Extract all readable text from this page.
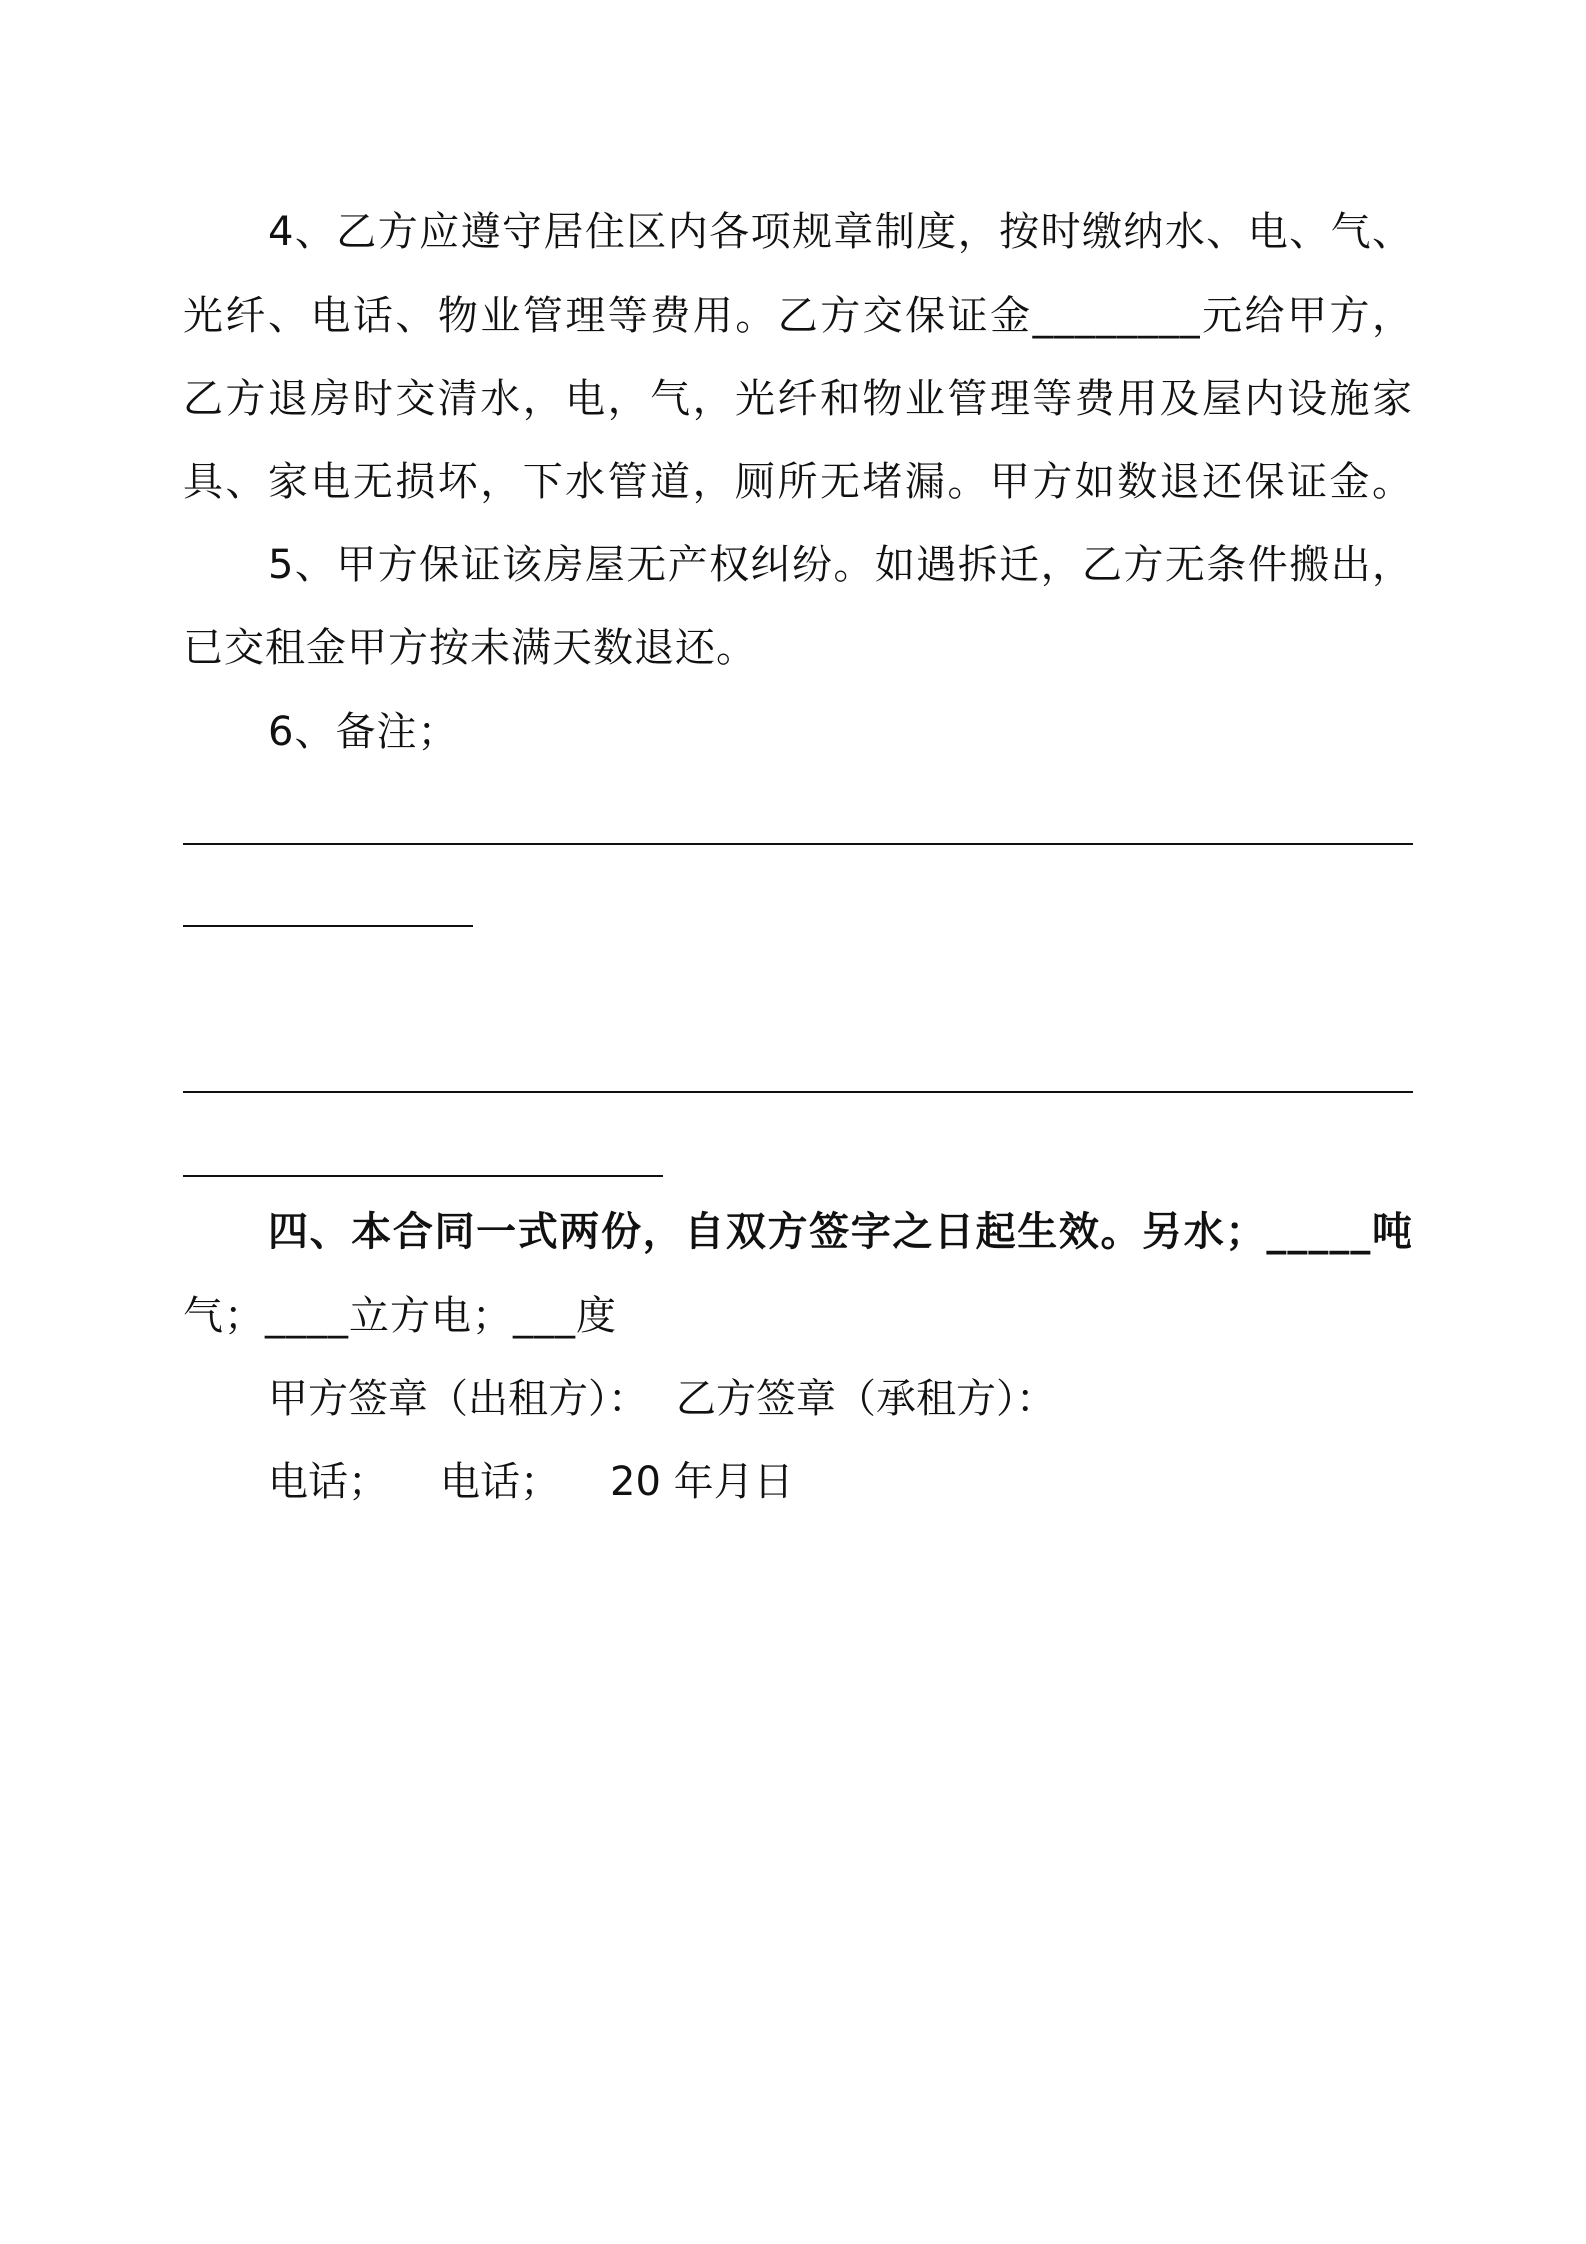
4、乙方应遵守居住区内各项规章制度，按时缴纳水、电、气、
光纤、电话、物业管理等费用。乙方交保证金________元给甲方，
乙方退房时交清水，电，气，光纤和物业管理等费用及屋内设施家
具、家电无损坏，下水管道，厕所无堵漏。甲方如数退还保证金。
5、甲方保证该房屋无产权纠纷。如遇拆迁，乙方无条件搬出，
已交租金甲方按未满天数退还。
6、备注；
四、本合同一式两份，自双方签字之日起生效。另水；_____吨
气；____立方电；___度
甲方签章（出租方）： 乙方签章（承租方）：
电话； 电话； 20 年月日
